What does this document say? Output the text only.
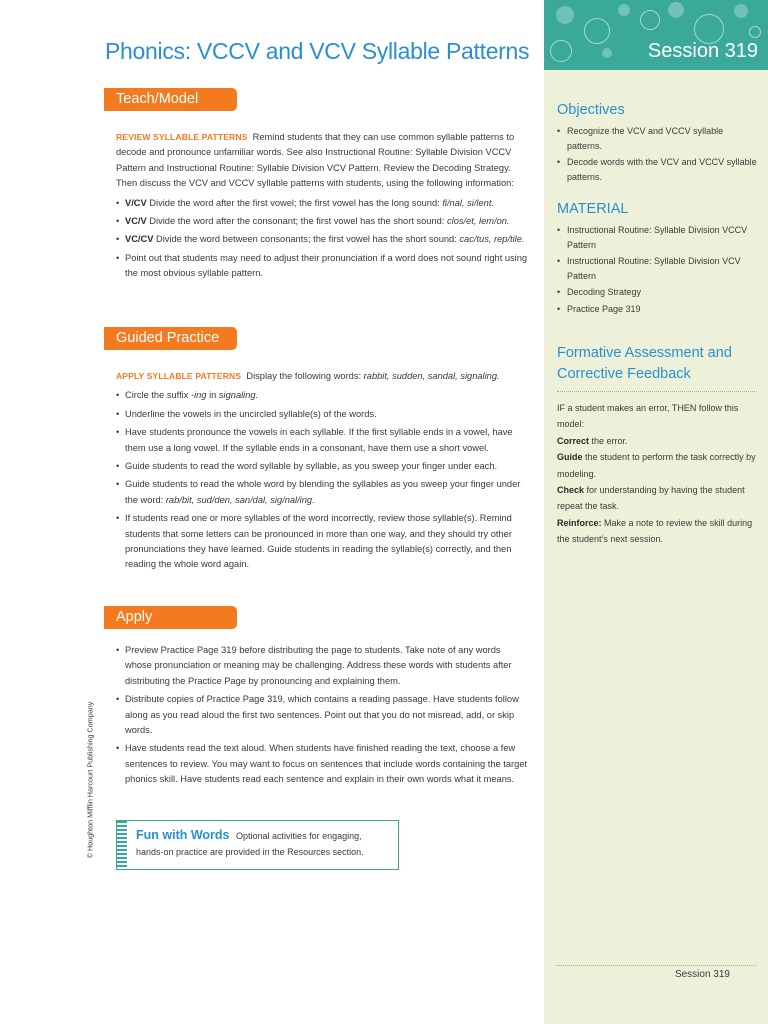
Phonics: VCCV and VCV Syllable Patterns
Teach/Model
REVIEW SYLLABLE PATTERNS Remind students that they can use common syllable patterns to decode and pronounce unfamiliar words. See also Instructional Routine: Syllable Division VCCV Pattern and Instructional Routine: Syllable Division VCV Pattern. Review the Decoding Strategy. Then discuss the VCV and VCCV syllable patterns with students, using the following information:
• V/CV Divide the word after the first vowel; the first vowel has the long sound: fi/nal, si/lent.
• VC/V Divide the word after the consonant; the first vowel has the short sound: clos/et, lem/on.
• VC/CV Divide the word between consonants; the first vowel has the short sound: cac/tus, rep/tile.
• Point out that students may need to adjust their pronunciation if a word does not sound right using the most obvious syllable pattern.
Guided Practice
APPLY SYLLABLE PATTERNS Display the following words: rabbit, sudden, sandal, signaling.
• Circle the suffix -ing in signaling.
• Underline the vowels in the uncircled syllable(s) of the words.
• Have students pronounce the vowels in each syllable. If the first syllable ends in a vowel, have them use a long vowel. If the syllable ends in a consonant, have them use a short vowel.
• Guide students to read the word syllable by syllable, as you sweep your finger under each.
• Guide students to read the whole word by blending the syllables as you sweep your finger under the word: rab/bit, sud/den, san/dal, sig/nal/ing.
• If students read one or more syllables of the word incorrectly, review those syllable(s). Remind students that some letters can be pronounced in more than one way, and they should try other pronunciations they have learned. Guide students in reading the syllable(s) correctly, and then reading the whole word again.
Apply
• Preview Practice Page 319 before distributing the page to students. Take note of any words whose pronunciation or meaning may be challenging. Address these words with students after distributing the Practice Page by pronouncing and explaining them.
• Distribute copies of Practice Page 319, which contains a reading passage. Have students follow along as you read aloud the first two sentences. Point out that you do not misread, add, or skip words.
• Have students read the text aloud. When students have finished reading the text, choose a few sentences to review. You may want to focus on sentences that include words containing the target phonics skill. Have students read each sentence and explain in their own words what it means.
Fun with Words Optional activities for engaging, hands-on practice are provided in the Resources section.
© Houghton Mifflin Harcourt Publishing Company
Session 319
Objectives
• Recognize the VCV and VCCV syllable patterns.
• Decode words with the VCV and VCCV syllable patterns.
MATERIAL
• Instructional Routine: Syllable Division VCCV Pattern
• Instructional Routine: Syllable Division VCV Pattern
• Decoding Strategy
• Practice Page 319
Formative Assessment and Corrective Feedback

IF a student makes an error, THEN follow this model:

Correct the error.

Guide the student to perform the task correctly by modeling.

Check for understanding by having the student repeat the task.

Reinforce: Make a note to review the skill during the student’s next session.

Session 319
